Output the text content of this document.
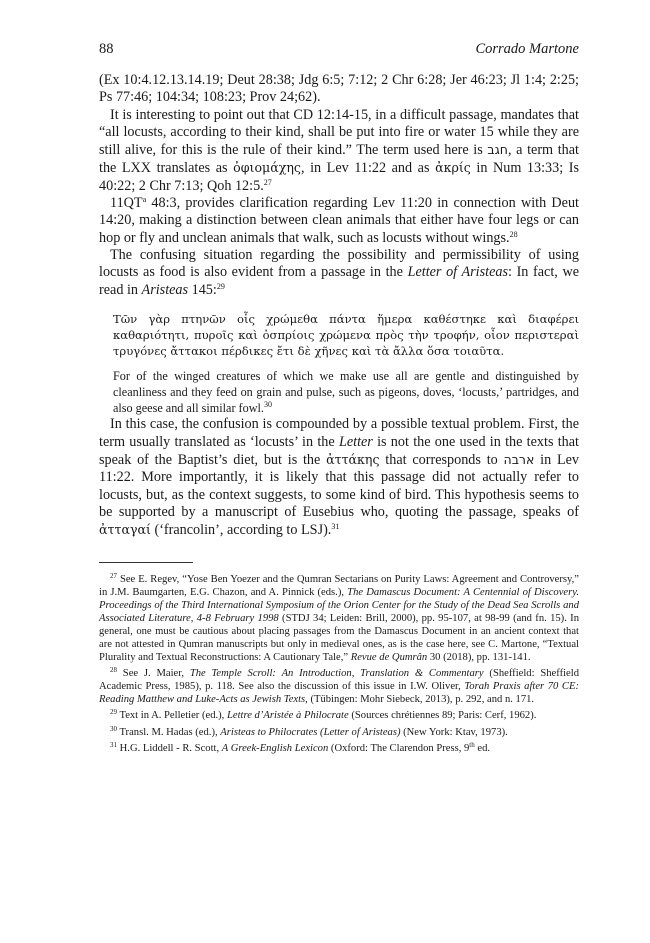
88	Corrado Martone

(Ex 10:4.12.13.14.19; Deut 28:38; Jdg 6:5; 7:12; 2 Chr 6:28; Jer 46:23; Jl 1:4; 2:25; Ps 77:46; 104:34; 108:23; Prov 24;62).

It is interesting to point out that CD 12:14-15, in a difficult passage, mandates that “all locusts, according to their kind, shall be put into fire or water 15 while they are still alive, for this is the rule of their kind.” The term used here is חגב, a term that the LXX translates as ὀφιομάχης, in Lev 11:22 and as ἀκρίς in Num 13:33; Is 40:22; 2 Chr 7:13; Qoh 12:5.27

$11QT^a$ 48:3, provides clarification regarding Lev 11:20 in connection with Deut 14:20, making a distinction between clean animals that either have four legs or can hop or fly and unclean animals that walk, such as locusts without wings.$^{28}$

The confusing situation regarding the possibility and permissibility of using locusts as food is also evident from a passage in the Letter of Aristeas: In fact, we read in Aristeas 145:$^{29}$

Τῶν γὰρ πτηνῶν οἷς χρώμεθα πάντα ἥμερα καθέστηκε καὶ διαφέρει καθαριότητι, πυροῖς καὶ ὀσπρίοις χρώμενα πρὸς τὴν τροφήν, οἷον περιστεραὶ τρυγόνες ἄττακοι πέρδικες ἔτι δὲ χῆνες καὶ τὰ ἄλλα ὅσα τοιαῦτα.

For of the winged creatures of which we make use all are gentle and distinguished by cleanliness and they feed on grain and pulse, such as pigeons, doves, ‘locusts,’ partridges, and also geese and all similar fowl.$^{30}$

In this case, the confusion is compounded by a possible textual problem. First, the term usually translated as ‘locusts’ in the Letter is not the one used in the texts that speak of the Baptist’s diet, but is the ἀττάκης that corresponds to ארבה in Lev 11:22. More importantly, it is likely that this passage did not actually refer to locusts, but, as the context suggests, to some kind of bird. This hypothesis seems to be supported by a manuscript of Eusebius who, quoting the passage, speaks of ἀτταγαί (‘francolin’, according to LSJ).$^{31}$

$^{27}$ See E. Regev, “Yose Ben Yoezer and the Qumran Sectarians on Purity Laws: Agreement and Controversy,” in J.M. Baumgarten, E.G. Chazon, and A. Pinnick (eds.), The Damascus Document: A Centennial of Discovery. Proceedings of the Third International Symposium of the Orion Center for the Study of the Dead Sea Scrolls and Associated Literature, 4-8 February 1998 (STDJ 34; Leiden: Brill, 2000), pp. 95-107, at 98-99 (and fn. 15). In general, one must be cautious about placing passages from the Damascus Document in an ancient context that are not attested in Qumran manuscripts but only in medieval ones, as is the case here, see C. Martone, “Textual Plurality and Textual Reconstructions: A Cautionary Tale,” Revue de Qumrân 30 (2018), pp. 131-141.

$^{28}$ See J. Maier, The Temple Scroll: An Introduction, Translation & Commentary (Sheffield: Sheffield Academic Press, 1985), p. 118. See also the discussion of this issue in I.W. Oliver, Torah Praxis after 70 CE: Reading Matthew and Luke-Acts as Jewish Texts, (Tübingen: Mohr Siebeck, 2013), p. 292, and n. 171.

$^{29}$ Text in A. Pelletier (ed.), Lettre d’Aristée à Philocrate (Sources chrétiennes 89; Paris: Cerf, 1962).

$^{30}$ Transl. M. Hadas (ed.), Aristeas to Philocrates (Letter of Aristeas) (New York: Ktav, 1973).

$^{31}$ H.G. Liddell - R. Scott, A Greek-English Lexicon (Oxford: The Clarendon Press, 9th ed.
